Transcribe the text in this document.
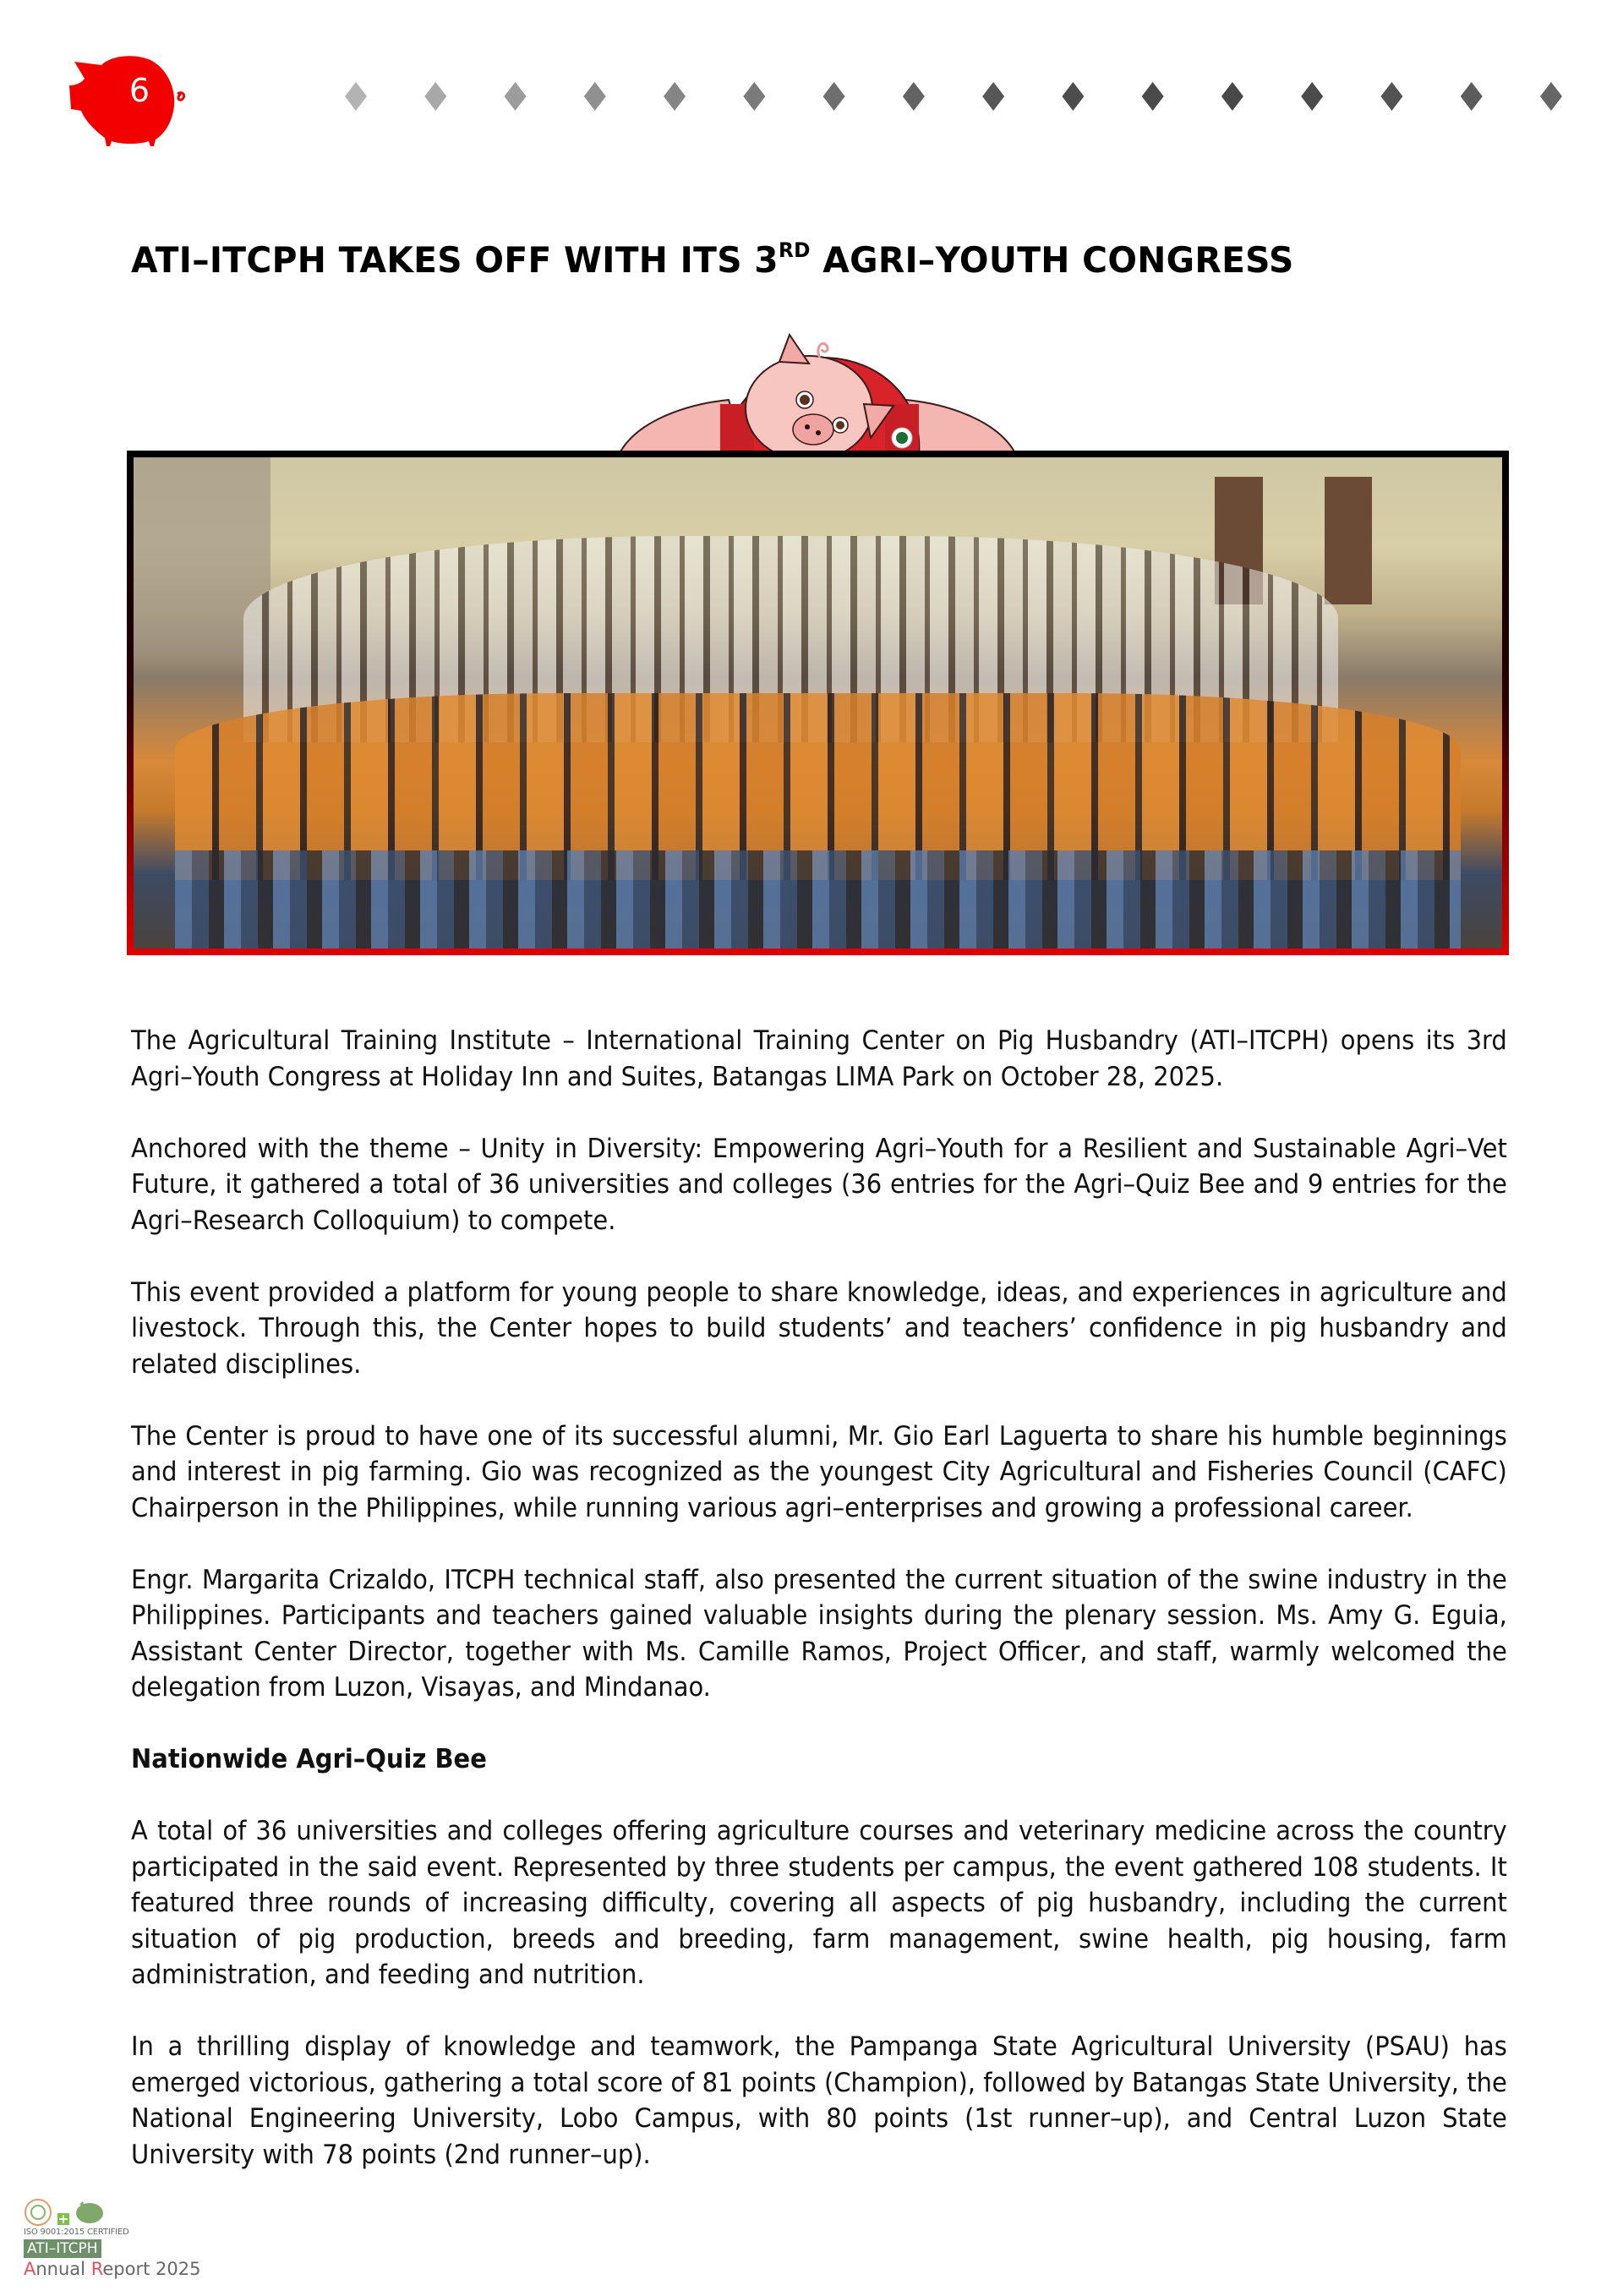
6
ATI–ITCPH TAKES OFF WITH ITS 3RD AGRI–YOUTH CONGRESS

The Agricultural Training Institute – International Training Center on Pig Husbandry (ATI–ITCPH) opens its 3rd Agri–Youth Congress at Holiday Inn and Suites, Batangas LIMA Park on October 28, 2025.

Anchored with the theme – Unity in Diversity: Empowering Agri–Youth for a Resilient and Sustainable Agri–Vet Future, it gathered a total of 36 universities and colleges (36 entries for the Agri–Quiz Bee and 9 entries for the Agri–Research Colloquium) to compete.

This event provided a platform for young people to share knowledge, ideas, and experiences in agriculture and livestock. Through this, the Center hopes to build students’ and teachers’ confidence in pig husbandry and related disciplines.

The Center is proud to have one of its successful alumni, Mr. Gio Earl Laguerta to share his humble beginnings and interest in pig farming. Gio was recognized as the youngest City Agricultural and Fisheries Council (CAFC) Chairperson in the Philippines, while running various agri–enterprises and growing a professional career.

Engr. Margarita Crizaldo, ITCPH technical staff, also presented the current situation of the swine industry in the Philippines. Participants and teachers gained valuable insights during the plenary session. Ms. Amy G. Eguia, Assistant Center Director, together with Ms. Camille Ramos, Project Officer, and staff, warmly welcomed the delegation from Luzon, Visayas, and Mindanao.

Nationwide Agri–Quiz Bee

A total of 36 universities and colleges offering agriculture courses and veterinary medicine across the country participated in the said event. Represented by three students per campus, the event gathered 108 students. It featured three rounds of increasing difficulty, covering all aspects of pig husbandry, including the current situation of pig production, breeds and breeding, farm management, swine health, pig housing, farm administration, and feeding and nutrition.

In a thrilling display of knowledge and teamwork, the Pampanga State Agricultural University (PSAU) has emerged victorious, gathering a total score of 81 points (Champion), followed by Batangas State University, the National Engineering University, Lobo Campus, with 80 points (1st runner–up), and Central Luzon State University with 78 points (2nd runner–up).

ISO 9001:2015 CERTIFIED
ATI–ITCPH
Annual Report 2025
